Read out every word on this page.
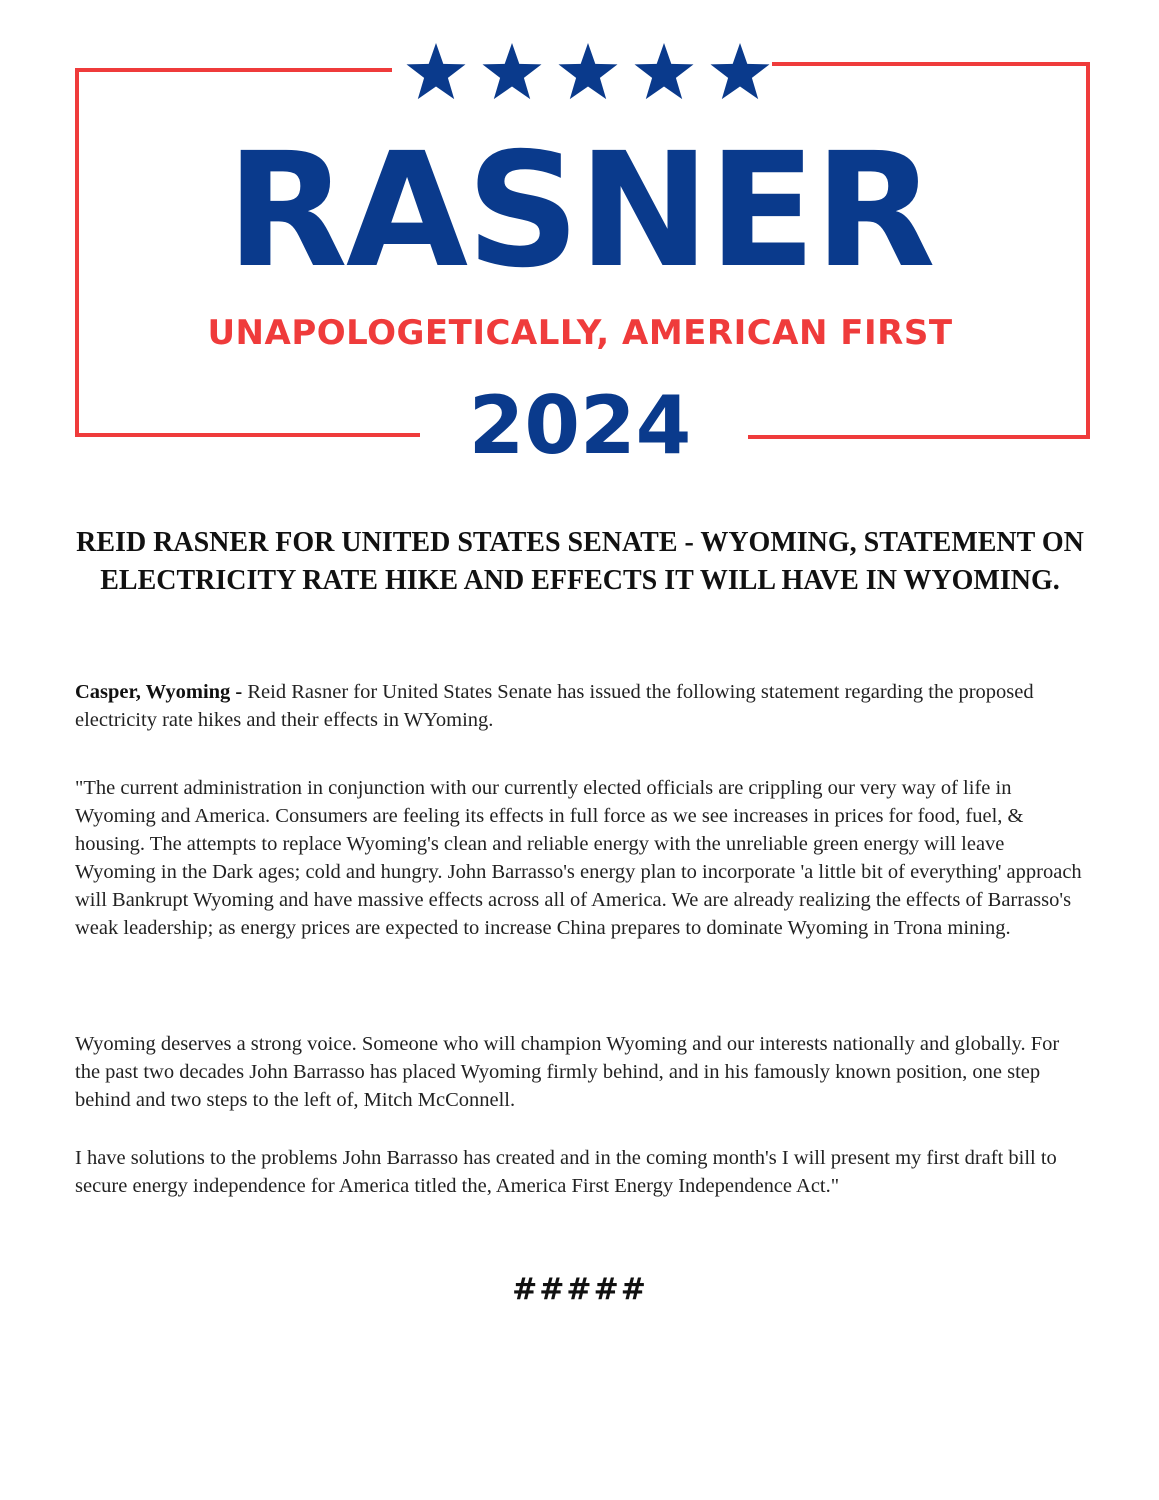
RASNER
UNAPOLOGETICALLY, AMERICAN FIRST
2024
REID RASNER FOR UNITED STATES SENATE - WYOMING, STATEMENT ON ELECTRICITY RATE HIKE AND EFFECTS IT WILL HAVE IN WYOMING.

Casper, Wyoming - Reid Rasner for United States Senate has issued the following statement regarding the proposed electricity rate hikes and their effects in WYoming.

"The current administration in conjunction with our currently elected officials are crippling our very way of life in Wyoming and America. Consumers are feeling its effects in full force as we see increases in prices for food, fuel, & housing. The attempts to replace Wyoming's clean and reliable energy with the unreliable green energy will leave Wyoming in the Dark ages; cold and hungry. John Barrasso's energy plan to incorporate 'a little bit of everything' approach will Bankrupt Wyoming and have massive effects across all of America. We are already realizing the effects of Barrasso's weak leadership; as energy prices are expected to increase China prepares to dominate Wyoming in Trona mining.

Wyoming deserves a strong voice. Someone who will champion Wyoming and our interests nationally and globally. For the past two decades John Barrasso has placed Wyoming firmly behind, and in his famously known position, one step behind and two steps to the left of, Mitch McConnell.

I have solutions to the problems John Barrasso has created and in the coming month's I will present my first draft bill to secure energy independence for America titled the, America First Energy Independence Act."

#####
